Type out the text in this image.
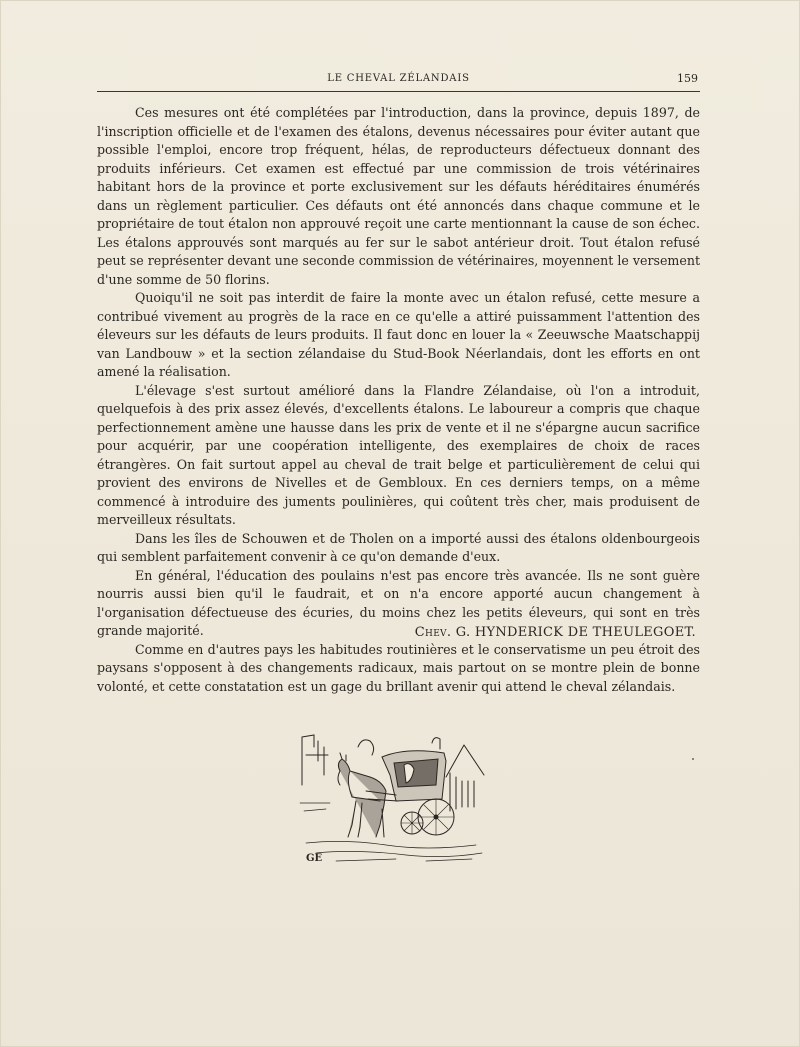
LE CHEVAL ZÉLANDAIS	159

Ces mesures ont été complétées par l'introduction, dans la province, depuis 1897, de l'inscription officielle et de l'examen des étalons, devenus nécessaires pour éviter autant que possible l'emploi, encore trop fréquent, hélas, de reproducteurs défectueux donnant des produits inférieurs. Cet examen est effectué par une commission de trois vétérinaires habitant hors de la province et porte exclusivement sur les défauts héréditaires énumérés dans un règlement particulier. Ces défauts ont été annoncés dans chaque commune et le propriétaire de tout étalon non approuvé reçoit une carte mentionnant la cause de son échec. Les étalons approuvés sont marqués au fer sur le sabot antérieur droit. Tout étalon refusé peut se représenter devant une seconde commission de vétérinaires, moyennent le versement d'une somme de 50 florins.

Quoiqu'il ne soit pas interdit de faire la monte avec un étalon refusé, cette mesure a contribué vivement au progrès de la race en ce qu'elle a attiré puissamment l'attention des éleveurs sur les défauts de leurs produits. Il faut donc en louer la « Zeeuwsche Maatschappij van Landbouw » et la section zélandaise du Stud-Book Néerlandais, dont les efforts en ont amené la réalisation.

L'élevage s'est surtout amélioré dans la Flandre Zélandaise, où l'on a introduit, quelquefois à des prix assez élevés, d'excellents étalons. Le laboureur a compris que chaque perfectionnement amène une hausse dans les prix de vente et il ne s'épargne aucun sacrifice pour acquérir, par une coopération intelligente, des exemplaires de choix de races étrangères. On fait surtout appel au cheval de trait belge et particulièrement de celui qui provient des environs de Nivelles et de Gembloux. En ces derniers temps, on a même commencé à introduire des juments poulinières, qui coûtent très cher, mais produisent de merveilleux résultats.

Dans les îles de Schouwen et de Tholen on a importé aussi des étalons oldenbourgeois qui semblent parfaitement convenir à ce qu'on demande d'eux.

En général, l'éducation des poulains n'est pas encore très avancée. Ils ne sont guère nourris aussi bien qu'il le faudrait, et on n'a encore apporté aucun changement à l'organisation défectueuse des écuries, du moins chez les petits éleveurs, qui sont en très grande majorité.

Comme en d'autres pays les habitudes routinières et le conservatisme un peu étroit des paysans s'opposent à des changements radicaux, mais partout on se montre plein de bonne volonté, et cette constatation est un gage du brillant avenir qui attend le cheval zélandais.

Chev. G. HYNDERICK DE THEULEGOET.
GE
